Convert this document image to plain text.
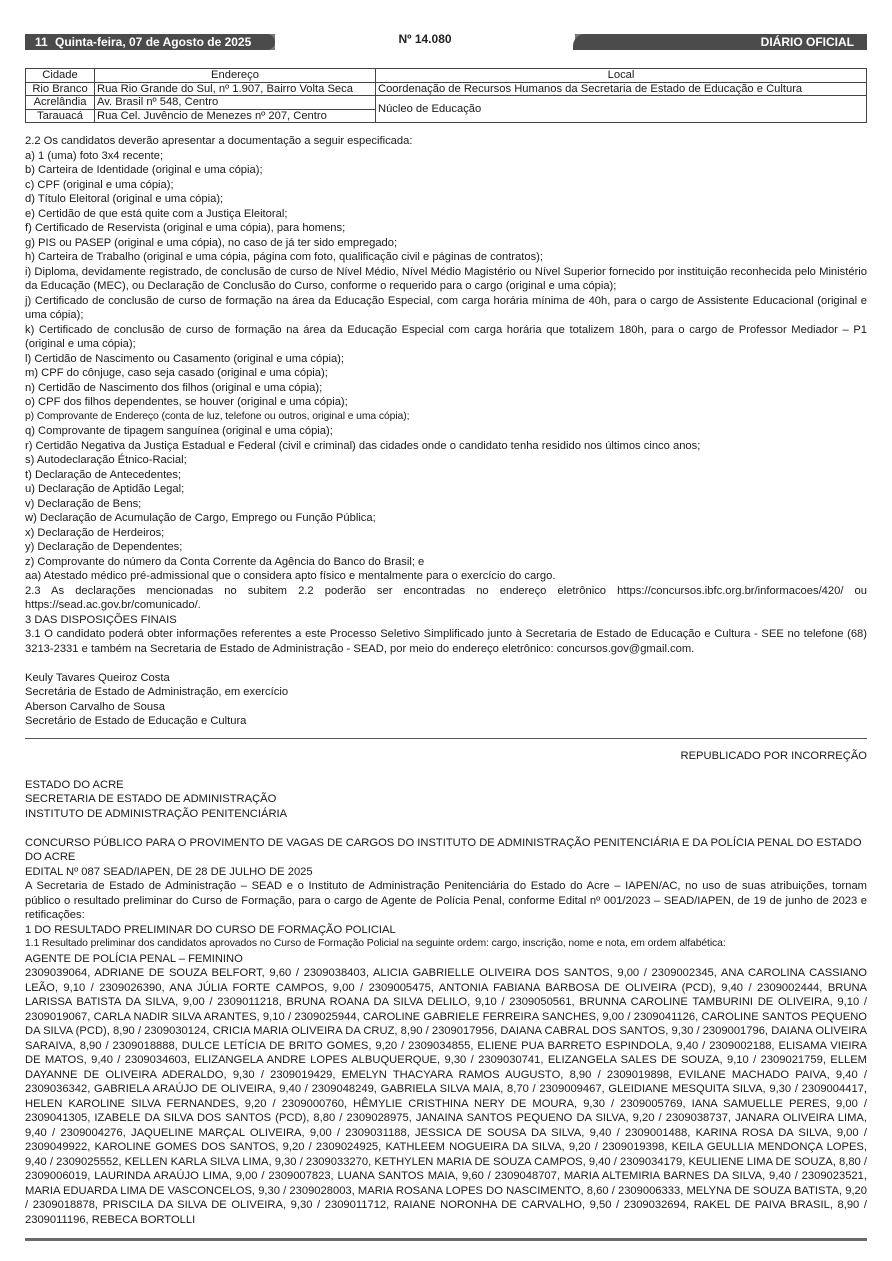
11 Quinta-feira, 07 de Agosto de 2025	Nº 14.080	DIÁRIO OFICIAL
Cidade	Endereço	Local
Rio Branco	Rua Rio Grande do Sul, nº 1.907, Bairro Volta Seca	Coordenação de Recursos Humanos da Secretaria de Estado de Educação e Cultura
Acrelândia	Av. Brasil nº 548, Centro	Núcleo de Educação
Tarauacá	Rua Cel. Juvêncio de Menezes nº 207, Centro	

2.2 Os candidatos deverão apresentar a documentação a seguir especificada:

a) 1 (uma) foto 3x4 recente;

b) Carteira de Identidade (original e uma cópia);

c) CPF (original e uma cópia);

d) Título Eleitoral (original e uma cópia);

e) Certidão de que está quite com a Justiça Eleitoral;

f) Certificado de Reservista (original e uma cópia), para homens;

g) PIS ou PASEP (original e uma cópia), no caso de já ter sido empregado;

h) Carteira de Trabalho (original e uma cópia, página com foto, qualificação civil e páginas de contratos);

i) Diploma, devidamente registrado, de conclusão de curso de Nível Médio, Nível Médio Magistério ou Nível Superior fornecido por instituição reconhecida pelo Ministério da Educação (MEC), ou Declaração de Conclusão do Curso, conforme o requerido para o cargo (original e uma cópia);

j) Certificado de conclusão de curso de formação na área da Educação Especial, com carga horária mínima de 40h, para o cargo de Assistente Educacional (original e uma cópia);

k) Certificado de conclusão de curso de formação na área da Educação Especial com carga horária que totalizem 180h, para o cargo de Professor Mediador – P1 (original e uma cópia);

l) Certidão de Nascimento ou Casamento (original e uma cópia);

m) CPF do cônjuge, caso seja casado (original e uma cópia);

n) Certidão de Nascimento dos filhos (original e uma cópia);

o) CPF dos filhos dependentes, se houver (original e uma cópia);

p) Comprovante de Endereço (conta de luz, telefone ou outros, original e uma cópia);

q) Comprovante de tipagem sanguínea (original e uma cópia);

r) Certidão Negativa da Justiça Estadual e Federal (civil e criminal) das cidades onde o candidato tenha residido nos últimos cinco anos;

s) Autodeclaração Étnico-Racial;

t) Declaração de Antecedentes;

u) Declaração de Aptidão Legal;

v) Declaração de Bens;

w) Declaração de Acumulação de Cargo, Emprego ou Função Pública;

x) Declaração de Herdeiros;

y) Declaração de Dependentes;

z) Comprovante do número da Conta Corrente da Agência do Banco do Brasil; e

aa) Atestado médico pré-admissional que o considera apto físico e mentalmente para o exercício do cargo.

2.3 As declarações mencionadas no subitem 2.2 poderão ser encontradas no endereço eletrônico https://concursos.ibfc.org.br/informacoes/420/ ou https://sead.ac.gov.br/comunicado/.

3 DAS DISPOSIÇÕES FINAIS

3.1 O candidato poderá obter informações referentes a este Processo Seletivo Simplificado junto à Secretaria de Estado de Educação e Cultura - SEE no telefone (68) 3213-2331 e também na Secretaria de Estado de Administração - SEAD, por meio do endereço eletrônico: concursos.gov@gmail.com.

Keuly Tavares Queiroz Costa

Secretária de Estado de Administração, em exercício

Aberson Carvalho de Sousa

Secretário de Estado de Educação e Cultura

REPUBLICADO POR INCORREÇÃO

ESTADO DO ACRE

SECRETARIA DE ESTADO DE ADMINISTRAÇÃO

INSTITUTO DE ADMINISTRAÇÃO PENITENCIÁRIA

CONCURSO PÚBLICO PARA O PROVIMENTO DE VAGAS DE CARGOS DO INSTITUTO DE ADMINISTRAÇÃO PENITENCIÁRIA E DA POLÍCIA PENAL DO ESTADO DO ACRE

EDITAL Nº 087 SEAD/IAPEN, DE 28 DE JULHO DE 2025

A Secretaria de Estado de Administração – SEAD e o Instituto de Administração Penitenciária do Estado do Acre – IAPEN/AC, no uso de suas atribuições, tornam público o resultado preliminar do Curso de Formação, para o cargo de Agente de Polícia Penal, conforme Edital nº 001/2023 – SEAD/IAPEN, de 19 de junho de 2023 e retificações:

1 DO RESULTADO PRELIMINAR DO CURSO DE FORMAÇÃO POLICIAL

1.1 Resultado preliminar dos candidatos aprovados no Curso de Formação Policial na seguinte ordem: cargo, inscrição, nome e nota, em ordem alfabética:

AGENTE DE POLÍCIA PENAL – FEMININO

2309039064, ADRIANE DE SOUZA BELFORT, 9,60 / 2309038403, ALICIA GABRIELLE OLIVEIRA DOS SANTOS, 9,00 / 2309002345, ANA CAROLINA CASSIANO LEÃO, 9,10 / 2309026390, ANA JÚLIA FORTE CAMPOS, 9,00 / 2309005475, ANTONIA FABIANA BARBOSA DE OLIVEIRA (PCD), 9,40 / 2309002444, BRUNA LARISSA BATISTA DA SILVA, 9,00 / 2309011218, BRUNA ROANA DA SILVA DELILO, 9,10 / 2309050561, BRUNNA CAROLINE TAMBURINI DE OLIVEIRA, 9,10 / 2309019067, CARLA NADIR SILVA ARANTES, 9,10 / 2309025944, CAROLINE GABRIELE FERREIRA SANCHES, 9,00 / 2309041126, CAROLINE SANTOS PEQUENO DA SILVA (PCD), 8,90 / 2309030124, CRICIA MARIA OLIVEIRA DA CRUZ, 8,90 / 2309017956, DAIANA CABRAL DOS SANTOS, 9,30 / 2309001796, DAIANA OLIVEIRA SARAIVA, 8,90 / 2309018888, DULCE LETÍCIA DE BRITO GOMES, 9,20 / 2309034855, ELIENE PUA BARRETO ESPINDOLA, 9,40 / 2309002188, ELISAMA VIEIRA DE MATOS, 9,40 / 2309034603, ELIZANGELA ANDRE LOPES ALBUQUERQUE, 9,30 / 2309030741, ELIZANGELA SALES DE SOUZA, 9,10 / 2309021759, ELLEM DAYANNE DE OLIVEIRA ADERALDO, 9,30 / 2309019429, EMELYN THACYARA RAMOS AUGUSTO, 8,90 / 2309019898, EVILANE MACHADO PAIVA, 9,40 / 2309036342, GABRIELA ARAÚJO DE OLIVEIRA, 9,40 / 2309048249, GABRIELA SILVA MAIA, 8,70 / 2309009467, GLEIDIANE MESQUITA SILVA, 9,30 / 2309004417, HELEN KAROLINE SILVA FERNANDES, 9,20 / 2309000760, HÊMYLIE CRISTHINA NERY DE MOURA, 9,30 / 2309005769, IANA SAMUELLE PERES, 9,00 / 2309041305, IZABELE DA SILVA DOS SANTOS (PCD), 8,80 / 2309028975, JANAINA SANTOS PEQUENO DA SILVA, 9,20 / 2309038737, JANARA OLIVEIRA LIMA, 9,40 / 2309004276, JAQUELINE MARÇAL OLIVEIRA, 9,00 / 2309031188, JESSICA DE SOUSA DA SILVA, 9,40 / 2309001488, KARINA ROSA DA SILVA, 9,00 / 2309049922, KAROLINE GOMES DOS SANTOS, 9,20 / 2309024925, KATHLEEM NOGUEIRA DA SILVA, 9,20 / 2309019398, KEILA GEULLIA MENDONÇA LOPES, 9,40 / 2309025552, KELLEN KARLA SILVA LIMA, 9,30 / 2309033270, KETHYLEN MARIA DE SOUZA CAMPOS, 9,40 / 2309034179, KEULIENE LIMA DE SOUZA, 8,80 / 2309006019, LAURINDA ARAÚJO LIMA, 9,00 / 2309007823, LUANA SANTOS MAIA, 9,60 / 2309048707, MARIA ALTEMIRIA BARNES DA SILVA, 9,40 / 2309023521, MARIA EDUARDA LIMA DE VASCONCELOS, 9,30 / 2309028003, MARIA ROSANA LOPES DO NASCIMENTO, 8,60 / 2309006333, MELYNA DE SOUZA BATISTA, 9,20 / 2309018878, PRISCILA DA SILVA DE OLIVEIRA, 9,30 / 2309011712, RAIANE NORONHA DE CARVALHO, 9,50 / 2309032694, RAKEL DE PAIVA BRASIL, 8,90 / 2309011196, REBECA BORTOLLI
